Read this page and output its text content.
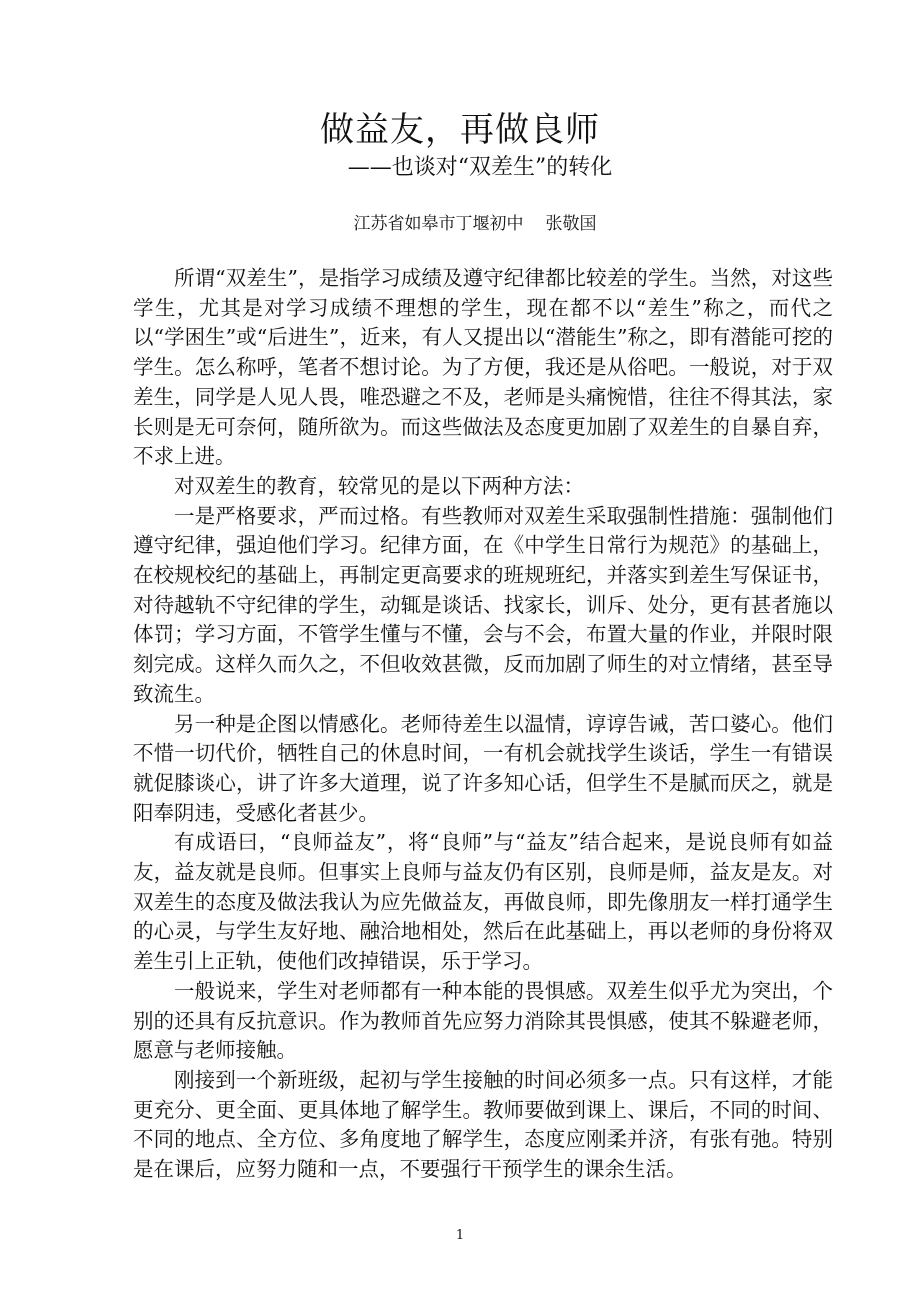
做益友，再做良师
——也谈对“双差生”的转化
江苏省如皋市丁堰初中 张敬国

所谓“双差生”，是指学习成绩及遵守纪律都比较差的学生。当然，对这些学生，尤其是对学习成绩不理想的学生，现在都不以“差生”称之，而代之以“学困生”或“后进生”，近来，有人又提出以“潜能生”称之，即有潜能可挖的学生。怎么称呼，笔者不想讨论。为了方便，我还是从俗吧。一般说，对于双差生，同学是人见人畏，唯恐避之不及，老师是头痛惋惜，往往不得其法，家长则是无可奈何，随所欲为。而这些做法及态度更加剧了双差生的自暴自弃，不求上进。

对双差生的教育，较常见的是以下两种方法：

一是严格要求，严而过格。有些教师对双差生采取强制性措施：强制他们遵守纪律，强迫他们学习。纪律方面，在《中学生日常行为规范》的基础上，在校规校纪的基础上，再制定更高要求的班规班纪，并落实到差生写保证书，对待越轨不守纪律的学生，动辄是谈话、找家长，训斥、处分，更有甚者施以体罚；学习方面，不管学生懂与不懂，会与不会，布置大量的作业，并限时限刻完成。这样久而久之，不但收效甚微，反而加剧了师生的对立情绪，甚至导致流生。

另一种是企图以情感化。老师待差生以温情，谆谆告诫，苦口婆心。他们不惜一切代价，牺牲自己的休息时间，一有机会就找学生谈话，学生一有错误就促膝谈心，讲了许多大道理，说了许多知心话，但学生不是腻而厌之，就是阳奉阴违，受感化者甚少。

有成语曰，“良师益友”，将“良师”与“益友”结合起来，是说良师有如益友，益友就是良师。但事实上良师与益友仍有区别，良师是师，益友是友。对双差生的态度及做法我认为应先做益友，再做良师，即先像朋友一样打通学生的心灵，与学生友好地、融洽地相处，然后在此基础上，再以老师的身份将双差生引上正轨，使他们改掉错误，乐于学习。

一般说来，学生对老师都有一种本能的畏惧感。双差生似乎尤为突出，个别的还具有反抗意识。作为教师首先应努力消除其畏惧感，使其不躲避老师，愿意与老师接触。

刚接到一个新班级，起初与学生接触的时间必须多一点。只有这样，才能更充分、更全面、更具体地了解学生。教师要做到课上、课后，不同的时间、不同的地点、全方位、多角度地了解学生，态度应刚柔并济，有张有弛。特别是在课后，应努力随和一点，不要强行干预学生的课余生活。

1
